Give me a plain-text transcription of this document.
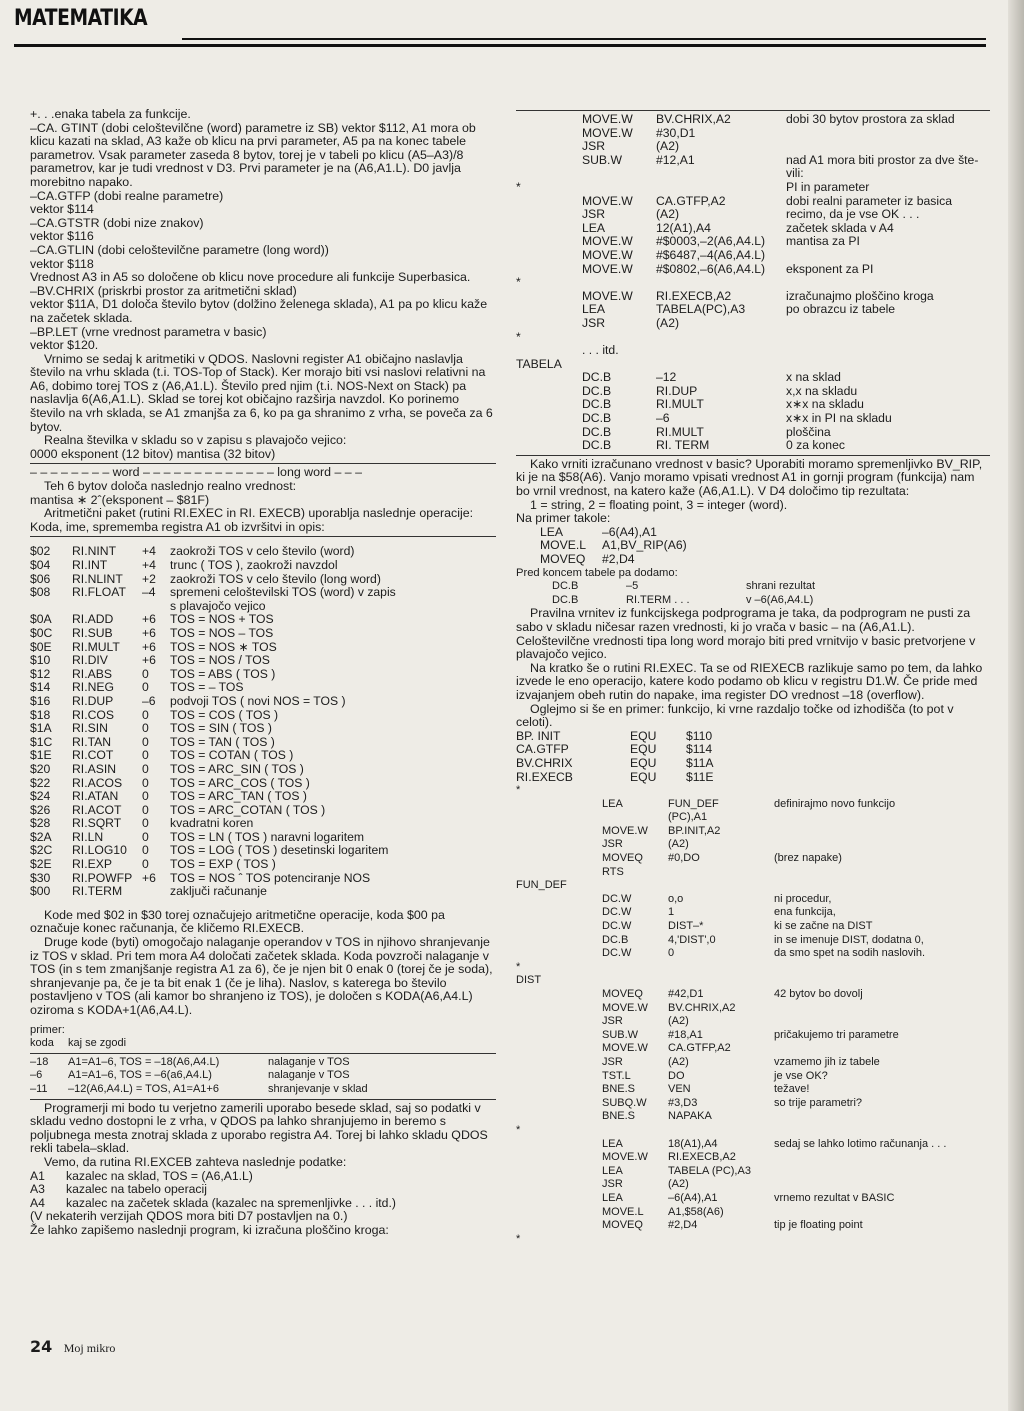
MATEMATIKA

+. . .enaka tabela za funkcije.

–CA. GTINT (dobi celoštevilčne (word) parametre iz SB) vektor $112, A1 mora ob klicu kazati na sklad, A3 kaže ob klicu na prvi parameter, A5 pa na konec tabele parametrov. Vsak parameter zaseda 8 bytov, torej je v tabeli po klicu (A5–A3)/8 parametrov, kar je tudi vrednost v D3. Prvi parameter je na (A6,A1.L). D0 javlja morebitno napako.

–CA.GTFP (dobi realne parametre)

vektor $114

–CA.GTSTR (dobi nize znakov)

vektor $116

–CA.GTLIN (dobi celoštevilčne parametre (long word))

vektor $118

Vrednost A3 in A5 so določene ob klicu nove procedure ali funkcije Superbasica.

–BV.CHRIX (priskrbi prostor za aritmetični sklad)

vektor $11A, D1 določa število bytov (dolžino želenega sklada), A1 pa po klicu kaže na začetek sklada.

–BP.LET (vrne vrednost parametra v basic)

vektor $120.

Vrnimo se sedaj k aritmetiki v QDOS. Naslovni register A1 običajno naslavlja število na vrhu sklada (t.i. TOS-Top of Stack). Ker morajo biti vsi naslovi relativni na A6, dobimo torej TOS z (A6,A1.L). Število pred njim (t.i. NOS-Next on Stack) pa naslavlja 6(A6,A1.L). Sklad se torej kot običajno razširja navzdol. Ko porinemo število na vrh sklada, se A1 zmanjša za 6, ko pa ga shranimo z vrha, se poveča za 6 bytov.

Realna številka v skladu so v zapisu s plavajočo vejico:

0000 eksponent (12 bitov) mantisa (32 bitov)

– – – – – – – – word – – – – – – – – – – – – – long word – – –

Teh 6 bytov določa naslednjo realno vrednost:

mantisa ∗ 2ˆ(eksponent – $81F)

Aritmetični paket (rutini RI.EXEC in RI. EXECB) uporablja naslednje operacije:

Koda, ime, sprememba registra A1 ob izvršitvi in opis:

$02	RI.NINT	+4	zaokroži TOS v celo število (word)
$04	RI.INT	+4	trunc ( TOS ), zaokroži navzdol
$06	RI.NLINT	+2	zaokroži TOS v celo število (long word)
$08	RI.FLOAT	–4	spremeni celoštevilski TOS (word) v zapis
			s plavajočo vejico
$0A	RI.ADD	+6	TOS = NOS + TOS
$0C	RI.SUB	+6	TOS = NOS – TOS
$0E	RI.MULT	+6	TOS = NOS ∗ TOS
$10	RI.DIV	+6	TOS = NOS / TOS
$12	RI.ABS	0	TOS = ABS ( TOS )
$14	RI.NEG	0	TOS = – TOS
$16	RI.DUP	–6	podvoji TOS ( novi NOS = TOS )
$18	RI.COS	0	TOS = COS ( TOS )
$1A	RI.SIN	0	TOS = SIN ( TOS )
$1C	RI.TAN	0	TOS = TAN ( TOS )
$1E	RI.COT	0	TOS = COTAN ( TOS )
$20	RI.ASIN	0	TOS = ARC_SIN ( TOS )
$22	RI.ACOS	0	TOS = ARC_COS ( TOS )
$24	RI.ATAN	0	TOS = ARC_TAN ( TOS )
$26	RI.ACOT	0	TOS = ARC_COTAN ( TOS )
$28	RI.SQRT	0	kvadratni koren
$2A	RI.LN	0	TOS = LN ( TOS ) naravni logaritem
$2C	RI.LOG10	0	TOS = LOG ( TOS ) desetinski logaritem
$2E	RI.EXP	0	TOS = EXP ( TOS )
$30	RI.POWFP	+6	TOS = NOS ˆ TOS potenciranje NOS
$00	RI.TERM		zaključi računanje

Kode med $02 in $30 torej označujejo aritmetične operacije, koda $00 pa označuje konec računanja, če kličemo RI.EXECB.

Druge kode (byti) omogočajo nalaganje operandov v TOS in njihovo shranjevanje iz TOS v sklad. Pri tem mora A4 določati začetek sklada. Koda povzroči nalaganje v TOS (in s tem zmanjšanje registra A1 za 6), če je njen bit 0 enak 0 (torej če je soda), shranjevanje pa, če je ta bit enak 1 (če je liha). Naslov, s katerega bo število postavljeno v TOS (ali kamor bo shranjeno iz TOS), je določen s KODA(A6,A4.L) oziroma s KODA+1(A6,A4.L).

primer:

koda	kaj se zgodi
–18	A1=A1–6, TOS = –18(A6,A4.L)	nalaganje v TOS
–6	A1=A1–6, TOS = –6(a6,A4.L)	nalaganje v TOS
–11	–12(A6,A4.L) = TOS, A1=A1+6	shranjevanje v sklad

Programerji mi bodo tu verjetno zamerili uporabo besede sklad, saj so podatki v skladu vedno dostopni le z vrha, v QDOS pa lahko shranjujemo in beremo s poljubnega mesta znotraj sklada z uporabo registra A4. Torej bi lahko skladu QDOS rekli tabela–sklad.

Vemo, da rutina RI.EXCEB zahteva naslednje podatke:

A1	kazalec na sklad, TOS = (A6,A1.L)
A3	kazalec na tabelo operacij
A4	kazalec na začetek sklada (kazalec na spremenljivke . . . itd.)

(V nekaterih verzijah QDOS mora biti D7 postavljen na 0.)

Že lahko zapišemo naslednji program, ki izračuna ploščino kroga:

	MOVE.W	BV.CHRIX,A2	dobi 30 bytov prostora za sklad
	MOVE.W	#30,D1	
	JSR	(A2)	
	SUB.W	#12,A1	nad A1 mora biti prostor za dve šte-
			vili:
*			PI in parameter
	MOVE.W	CA.GTFP,A2	dobi realni parameter iz basica
	JSR	(A2)	recimo, da je vse OK . . .
	LEA	12(A1),A4	začetek sklada v A4
	MOVE.W	#$0003,–2(A6,A4.L)	mantisa za PI
	MOVE.W	#$6487,–4(A6,A4.L)	
	MOVE.W	#$0802,–6(A6,A4.L)	eksponent za PI
*			
	MOVE.W	RI.EXECB,A2	izračunajmo ploščino kroga
	LEA	TABELA(PC),A3	po obrazcu iz tabele
	JSR	(A2)	
*			
	. . . itd.		
TABELA			
	DC.B	–12	x na sklad
	DC.B	RI.DUP	x,x na skladu
	DC.B	RI.MULT	x∗x na skladu
	DC.B	–6	x∗x in PI na skladu
	DC.B	RI.MULT	ploščina
	DC.B	RI. TERM	0 za konec

Kako vrniti izračunano vrednost v basic? Uporabiti moramo spremenljivko BV_RIP, ki je na $58(A6). Vanjo moramo vpisati vrednost A1 in gornji program (funkcija) nam bo vrnil vrednost, na katero kaže (A6,A1.L). V D4 določimo tip rezultata:

1 = string, 2 = floating point, 3 = integer (word).

Na primer takole:

LEA	–6(A4),A1
MOVE.L	A1,BV_RIP(A6)
MOVEQ	#2,D4

Pred koncem tabele pa dodamo:

DC.B	–5	shrani rezultat
DC.B	RI.TERM . . .	v –6(A6,A4.L)

Pravilna vrnitev iz funkcijskega podprograma je taka, da podprogram ne pusti za sabo v skladu ničesar razen vrednosti, ki jo vrača v basic – na (A6,A1.L). Celoštevilčne vrednosti tipa long word morajo biti pred vrnitvijo v basic pretvorjene v plavajočo vejico.

Na kratko še o rutini RI.EXEC. Ta se od RIEXECB razlikuje samo po tem, da lahko izvede le eno operacijo, katere kodo podamo ob klicu v registru D1.W. Če pride med izvajanjem obeh rutin do napake, ima register DO vrednost –18 (overflow).

Oglejmo si še en primer: funkcijo, ki vrne razdaljo točke od izhodišča (to pot v celoti).

BP. INIT	EQU	$110
CA.GTFP	EQU	$114
BV.CHRIX	EQU	$11A
RI.EXECB	EQU	$11E
*				
	LEA	FUN_DEF	definirajmo novo funkcijo	
		(PC),A1		
	MOVE.W	BP.INIT,A2		
	JSR	(A2)		
	MOVEQ	#0,DO	(brez napake)	
	RTS			
FUN_DEF				
	DC.W	o,o	ni procedur,	
	DC.W	1	ena funkcija,	
	DC.W	DIST–*	ki se začne na DIST	
	DC.B	4,'DIST',0	in se imenuje DIST, dodatna 0,	
	DC.W	0	da smo spet na sodih naslovih.	
*				
DIST				
	MOVEQ	#42,D1	42 bytov bo dovolj	
	MOVE.W	BV.CHRIX,A2		
	JSR	(A2)		
	SUB.W	#18,A1	pričakujemo tri parametre	
	MOVE.W	CA.GTFP,A2		
	JSR	(A2)	vzamemo jih iz tabele	
	TST.L	DO	je vse OK?	
	BNE.S	VEN	težave!	
	SUBQ.W	#3,D3	so trije parametri?	
	BNE.S	NAPAKA		
*				
	LEA	18(A1),A4	sedaj se lahko lotimo računanja . . .	
	MOVE.W	RI.EXECB,A2		
	LEA	TABELA (PC),A3		
	JSR	(A2)		
	LEA	–6(A4),A1	vrnemo rezultat v BASIC	
	MOVE.L	A1,$58(A6)		
	MOVEQ	#2,D4	tip je floating point	
*				
24 Moj mikro
